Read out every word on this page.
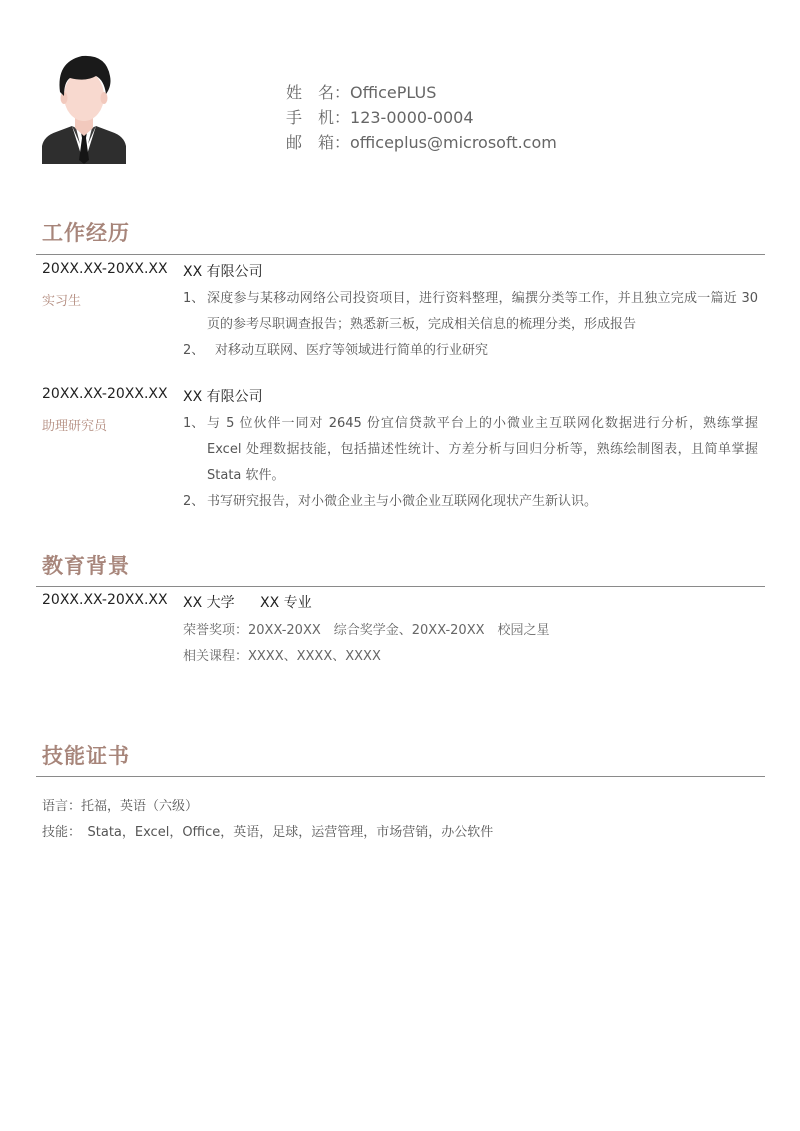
姓　名：OfficePLUS
手　机：123-0000-0004
邮　箱：officeplus@microsoft.com
工作经历
20XX.XX-20XX.XX XX 有限公司
实习生	1、 深度参与某移动网络公司投资项目，进行资料整理，编撰分类等工作，并且独立完成一篇近 30 页的参考尽职调查报告；熟悉新三板，完成相关信息的梳理分类，形成报告
2、 对移动互联网、医疗等领域进行简单的行业研究
20XX.XX-20XX.XX XX 有限公司
助理研究员	1、 与 5 位伙伴一同对 2645 份宜信贷款平台上的小微业主互联网化数据进行分析，熟练掌握 Excel 处理数据技能，包括描述性统计、方差分析与回归分析等，熟练绘制图表，且简单掌握 Stata 软件。
2、 书写研究报告，对小微企业主与小微企业互联网化现状产生新认识。
教育背景
20XX.XX-20XX.XX XX 大学 XX 专业
荣誉奖项：20XX-20XX　综合奖学金、20XX-20XX　校园之星
相关课程：XXXX、XXXX、XXXX
技能证书
语言：托福，英语（六级）
技能：　Stata，Excel，Office，英语，足球，运营管理，市场营销，办公软件
